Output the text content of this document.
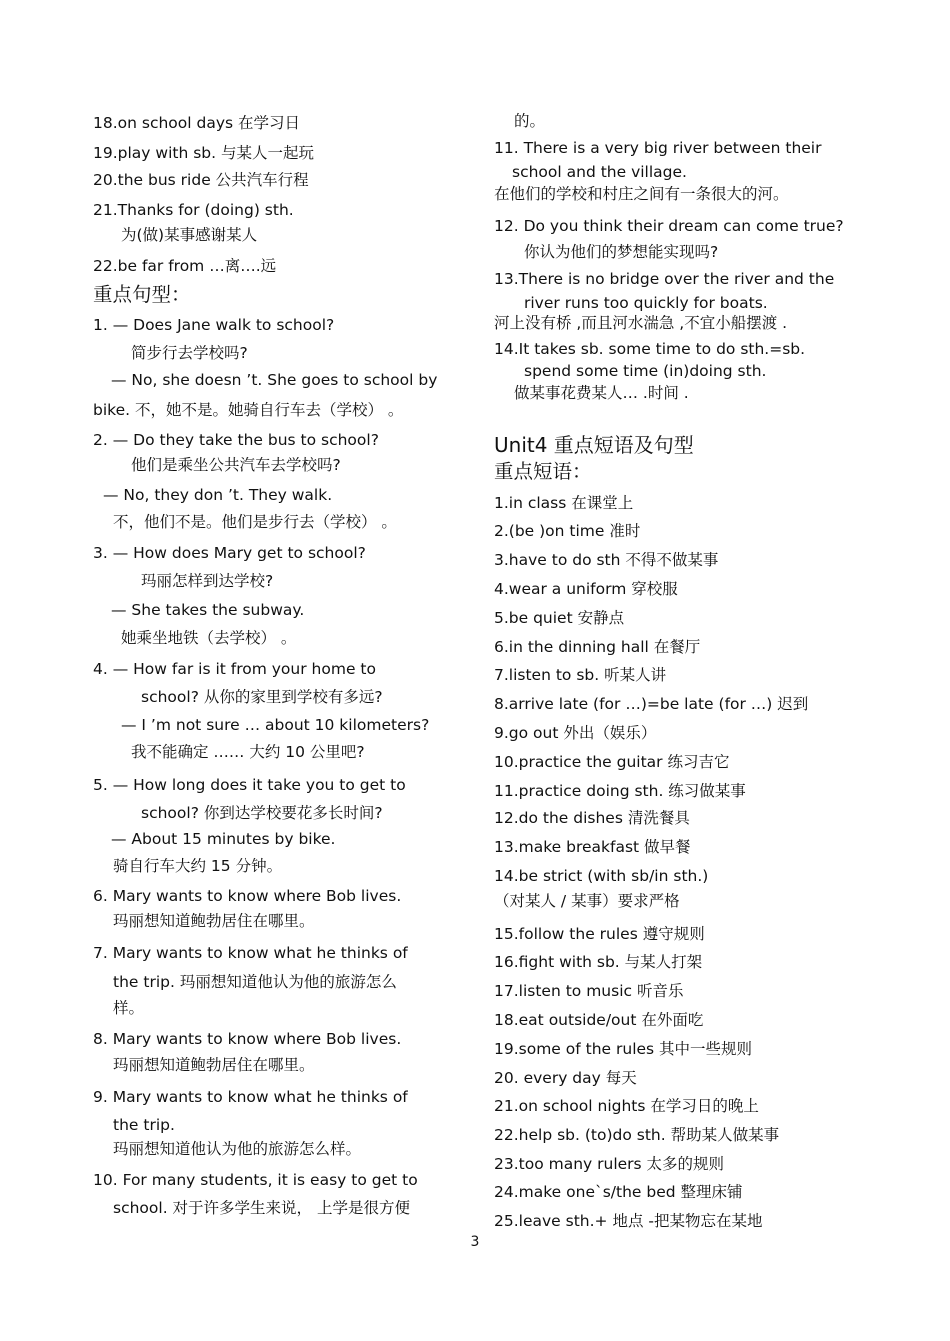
18.on school days 在学习日
19.play with sb. 与某人一起玩
20.the bus ride 公共汽车行程
21.Thanks for (doing) sth.
为(做)某事感谢某人
22.be far from …离….远
重点句型：
1. — Does Jane walk to school?
简步行去学校吗?
— No, she doesn ’t. She goes to school by
bike. 不，她不是。她骑自行车去（学校） 。
2. — Do they take the bus to school?
他们是乘坐公共汽车去学校吗?
— No, they don ’t. They walk.
不，他们不是。他们是步行去（学校） 。
3. — How does Mary get to school?
玛丽怎样到达学校?
— She takes the subway.
她乘坐地铁（去学校） 。
4. — How far is it from your home to
school? 从你的家里到学校有多远?
— I ’m not sure … about 10 kilometers?
我不能确定 …… 大约 10 公里吧?
5. — How long does it take you to get to
school? 你到达学校要花多长时间?
— About 15 minutes by bike.
骑自行车大约 15 分钟。
6. Mary wants to know where Bob lives.
玛丽想知道鲍勃居住在哪里。
7. Mary wants to know what he thinks of
the trip. 玛丽想知道他认为他的旅游怎么
样。
8. Mary wants to know where Bob lives.
玛丽想知道鲍勃居住在哪里。
9. Mary wants to know what he thinks of
the trip.
玛丽想知道他认为他的旅游怎么样。
10. For many students, it is easy to get to
school. 对于许多学生来说， 上学是很方便
的。
11. There is a very big river between their
school and the village.
在他们的学校和村庄之间有一条很大的河。
12. Do you think their dream can come true?
你认为他们的梦想能实现吗?
13.There is no bridge over the river and the
river runs too quickly for boats.
河上没有桥 ,而且河水湍急 ,不宜小船摆渡 .
14.It takes sb. some time to do sth.=sb.
spend some time (in)doing sth.
做某事花费某人… .时间 .
Unit4 重点短语及句型
重点短语：
1.in class 在课堂上
2.(be )on time 准时
3.have to do sth 不得不做某事
4.wear a uniform 穿校服
5.be quiet 安静点
6.in the dinning hall 在餐厅
7.listen to sb. 听某人讲
8.arrive late (for …)=be late (for …) 迟到
9.go out 外出（娱乐）
10.practice the guitar 练习吉它
11.practice doing sth. 练习做某事
12.do the dishes 清洗餐具
13.make breakfast 做早餐
14.be strict (with sb/in sth.)
（对某人 / 某事）要求严格
15.follow the rules 遵守规则
16.fight with sb. 与某人打架
17.listen to music 听音乐
18.eat outside/out 在外面吃
19.some of the rules 其中一些规则
20. every day 每天
21.on school nights 在学习日的晚上
22.help sb. (to)do sth. 帮助某人做某事
23.too many rulers 太多的规则
24.make one`s/the bed 整理床铺
25.leave sth.+ 地点 -把某物忘在某地
3
